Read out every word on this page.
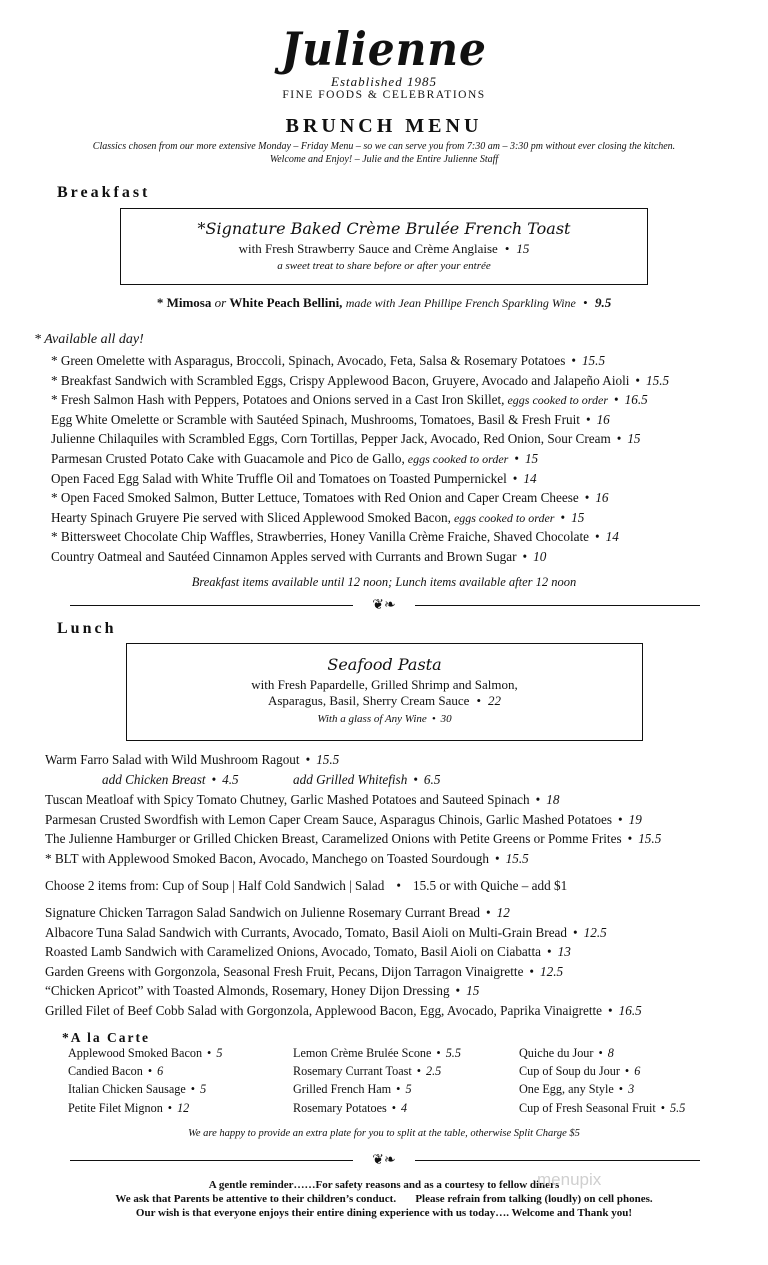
Julienne
Established 1985
FINE FOODS & CELEBRATIONS
BRUNCH MENU
Classics chosen from our more extensive Monday – Friday Menu – so we can serve you from 7:30 am – 3:30 pm without ever closing the kitchen.
Welcome and Enjoy! – Julie and the Entire Julienne Staff
Breakfast
*Signature Baked Crème Brulée French Toast
with Fresh Strawberry Sauce and Crème Anglaise • 15
a sweet treat to share before or after your entrée
* Mimosa or White Peach Bellini, made with Jean Phillipe French Sparkling Wine • 9.5
* Available all day!
* Green Omelette with Asparagus, Broccoli, Spinach, Avocado, Feta, Salsa & Rosemary Potatoes • 15.5
* Breakfast Sandwich with Scrambled Eggs, Crispy Applewood Bacon, Gruyere, Avocado and Jalapeño Aioli • 15.5
* Fresh Salmon Hash with Peppers, Potatoes and Onions served in a Cast Iron Skillet, eggs cooked to order • 16.5
Egg White Omelette or Scramble with Sautéed Spinach, Mushrooms, Tomatoes, Basil & Fresh Fruit • 16
Julienne Chilaquiles with Scrambled Eggs, Corn Tortillas, Pepper Jack, Avocado, Red Onion, Sour Cream • 15
Parmesan Crusted Potato Cake with Guacamole and Pico de Gallo, eggs cooked to order • 15
Open Faced Egg Salad with White Truffle Oil and Tomatoes on Toasted Pumpernickel • 14
* Open Faced Smoked Salmon, Butter Lettuce, Tomatoes with Red Onion and Caper Cream Cheese • 16
Hearty Spinach Gruyere Pie served with Sliced Applewood Smoked Bacon, eggs cooked to order • 15
* Bittersweet Chocolate Chip Waffles, Strawberries, Honey Vanilla Crème Fraiche, Shaved Chocolate • 14
Country Oatmeal and Sautéed Cinnamon Apples served with Currants and Brown Sugar • 10
Breakfast items available until 12 noon; Lunch items available after 12 noon
❦❧
Lunch
Seafood Pasta
with Fresh Papardelle, Grilled Shrimp and Salmon,
Asparagus, Basil, Sherry Cream Sauce • 22
With a glass of Any Wine • 30
Warm Farro Salad with Wild Mushroom Ragout • 15.5
add Chicken Breast • 4.5	add Grilled Whitefish • 6.5
Tuscan Meatloaf with Spicy Tomato Chutney, Garlic Mashed Potatoes and Sauteed Spinach • 18
Parmesan Crusted Swordfish with Lemon Caper Cream Sauce, Asparagus Chinois, Garlic Mashed Potatoes • 19
The Julienne Hamburger or Grilled Chicken Breast, Caramelized Onions with Petite Greens or Pomme Frites • 15.5
* BLT with Applewood Smoked Bacon, Avocado, Manchego on Toasted Sourdough • 15.5
Choose 2 items from: Cup of Soup | Half Cold Sandwich | Salad • 15.5 or with Quiche – add $1
Signature Chicken Tarragon Salad Sandwich on Julienne Rosemary Currant Bread • 12
Albacore Tuna Salad Sandwich with Currants, Avocado, Tomato, Basil Aioli on Multi-Grain Bread • 12.5
Roasted Lamb Sandwich with Caramelized Onions, Avocado, Tomato, Basil Aioli on Ciabatta • 13
Garden Greens with Gorgonzola, Seasonal Fresh Fruit, Pecans, Dijon Tarragon Vinaigrette • 12.5
“Chicken Apricot” with Toasted Almonds, Rosemary, Honey Dijon Dressing • 15
Grilled Filet of Beef Cobb Salad with Gorgonzola, Applewood Bacon, Egg, Avocado, Paprika Vinaigrette • 16.5
*A la Carte
Applewood Smoked Bacon • 5
Candied Bacon • 6
Italian Chicken Sausage • 5
Petite Filet Mignon • 12
Lemon Crème Brulée Scone • 5.5
Rosemary Currant Toast • 2.5
Grilled French Ham • 5
Rosemary Potatoes • 4
Quiche du Jour • 8
Cup of Soup du Jour • 6
One Egg, any Style • 3
Cup of Fresh Seasonal Fruit • 5.5
We are happy to provide an extra plate for you to split at the table, otherwise Split Charge $5
❦❧
A gentle reminder……For safety reasons and as a courtesy to fellow diners
We ask that Parents be attentive to their children’s conduct.       Please refrain from talking (loudly) on cell phones.
Our wish is that everyone enjoys their entire dining experience with us today…. Welcome and Thank you!
menupix
